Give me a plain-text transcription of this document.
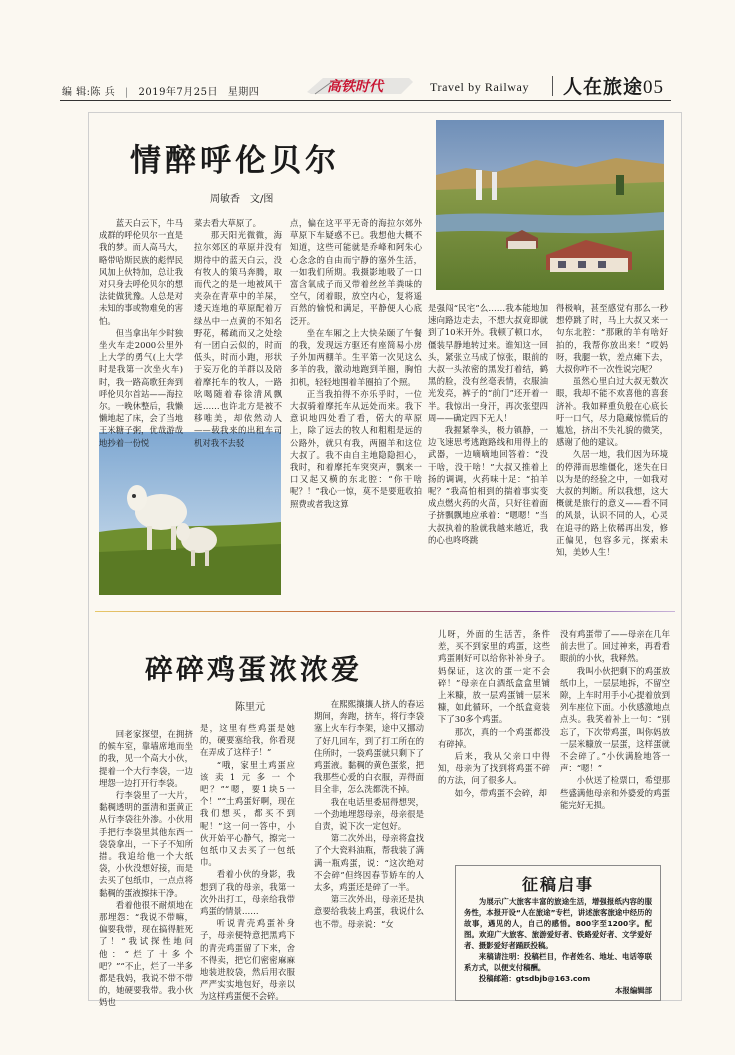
编 辑:陈 兵 | 2019年7月25日 星期四	高铁时代	Travel by Railway 人在旅途05
情醉呼伦贝尔
周敏香　文/图

蓝天白云下，牛马成群的呼伦贝尔一直是我的梦。而人高马大，略带哈斯民族的彪悍民风加上伙特加，总让我对只身去呼伦贝尔的想法徒做犹豫。人总是对未知的事或物难免的害怕。

但当拿出年少时独坐火车走2000公里外上大学的勇气(上大学时是我第一次坐火车)时，我一路高歌狂奔到呼伦贝尔首站——海拉尔。一晚休整后，我懒懒地起了床，会了当地王米糖子粥，优哉游哉地抄着一份悦

菜去看大草原了。

那天阳光微微，海拉尔郊区的草原并没有期待中的蓝天白云，没有牧人的策马奔腾，取而代之的是一地被风干夹杂在青草中的羊屎，逶天连地的草原配着万绿丛中一点黄的不知名野花，稀疏而又之处绘有一团白云似的，时而低头，时而小跑，形状于妄万化的羊群以及陪着摩托车的牧人，一路吆喝随着春徐清风飘远……也许北方是被不移唯美，却依然动人——载我来的出租车司机对我不去驳

点，偏在这平平无奇的海拉尔郊外草原下车疑惑不已。我想他大概不知道，这些可能就是乔峰和阿朱心心念念的自由而宁静的塞外生活，一如我们所期。我摄影地吸了一口富含氧成子而又带着丝丝羊粪味的空气，闭着眼，放空内心，复将遥百然的愉悦和满足，平静便人心底泛开。

坐在车厢之上大快朵颐了午餐的我，发现远方驱还有座简易小房子外加两棚羊。生平第一次见这么多羊的我，激动地跑到羊圈，胸怕扣机，轻轻地围着羊圈拍了个照。

正当我拍得不亦乐乎时，一位大叔骑着摩托车从远处而来。我下意识地四处看了看，偌大的草原上，除了远去的牧人和粗粗是远的公路外，就只有我，两圈羊和这位大叔了。我不由自主地隐隐担心，我时，和着摩托车突突声，飘来一口又起又横的东北腔：“你干啥呢？！”我心一惊，莫不是要逛收拍照费或者我这算

是强闯“民宅”么……我本能地加速向路边走去，不想大叔竟即就到了10米开外。我顿了顿口水，僵装早静地转过来。谁知这一回头，紧张立马成了惊张，眼前的大叔一头浓密的黑发打着结，鹤黑的脸，没有丝毫表情，衣服油光发亮，裤子的“前门”还开着一半。我惊出一身汗，再次张望四周——确定四下无人！

我握紧拳头，极力镇静，一边飞速思考逃跑路线和用得上的武器，一边嘀嘀地回答着：“没干啥，没干啥！”大叔又推着上扬的调调，火药味十足：“拍羊呢？”我高怕相到的揣着事实变成点燃火药的火苗，只好往着面子挤飘飘地应承着：“嗯嗯！”当大叔执着的脸就我越来越近，我的心也咚咚跳

得极响，甚至感觉有那么一秒想停跳了时，马上大叔又来一句东北腔：“那瞅的羊有啥好拍的，我帮你放出来！”哎妈呀，我腿一软，差点瘫下去，大叔你咋不一次性说完呢？

虽然心里白过大叔无数次眼，我却不能不欢喜他的喜套济补。我如释重负般在心底长吁一口气，尽力隐藏惊慌后的尴尬，挤出不失礼貌的微笑，感谢了他的建议。

久居一地，我们因为环境的停滞而思维僵化，迷失在日以为是的经验之中，一如我对大叔的判断。所以我想，这大概就是旅行的意义——看不同的风景，认识不同的人，心灵在追寻的路上依稀再出发，修正偏见，包容多元，探索未知，美妙人生！

碎碎鸡蛋浓浓爱
陈里元

回老家探望，在拥挤的候车室，靠墙席地而坐的我，见一个高大小伙，提着一个大行李袋，一边埋怨一边打开行李袋。

行李袋里了一大片，黏稠透明的蛋清和蛋黄正从行李袋往外渗。小伙用手把行李袋里其他东西一袋袋拿出，一下子不知所措。我追给他一个大纸袋，小伙没想好接，而是去买了包纸巾，一点点将黏稠的蛋液擦抹干净。

看着他很不耐烦地在那埋怨：“我说不带嘛，偏要我带，现在搞得脏死了！”我试探性地问他：“烂了十多个吧？”“不止，烂了一半多都是我妈，我说不带不带的，她硬要我带。我小伙妈也

是，这里有些鸡蛋是她的，硬要塞给我，你看现在弄成了这样子！”

“哦，家里土鸡蛋应该卖1元多一个吧？”“嗯，要1块5一个！”“土鸡蛋好啊，现在我们想买，都买不到呢！”这一问一答中，小伙开始平心静气，擦完一包纸巾又去买了一包纸巾。

看着小伙的身影，我想到了我的母亲，我第一次外出打工，母亲给我带鸡蛋的情景……

听说青壳鸡蛋补身子，母亲便特意把黑鸡下的青壳鸡蛋留了下来，舍不得卖，把它们密密麻麻地装进胶袋，然后用衣服严严实实地包好，母亲以为这样鸡蛋便不会碎。

在熙熙攘攘人挤人的春运期间，奔跑，挤车，将行李袋塞上火车行李架，途中又挪动了好几回车，到了打工所在的住所时，一袋鸡蛋就只剩下了鸡蛋液。黏稠的黄色蛋浆，把我那些心爱的白衣服，弄得面目全非，怎么洗都洗不掉。

我在电话里委屈得想哭，一个劲地埋怨母亲，母亲很是自责，说下次一定包好。

第二次外出，母亲将盒找了个大瓷料油瓶，帮我装了满满一瓶鸡蛋，说：“这次绝对不会碎”但终因春节娇车的人太多，鸡蛋还是碎了一半。

第三次外出，母亲还是执意要给我装上鸡蛋，我说什么也不带。母亲说：“女

儿呀，外面的生活苦，条件差，买不到家里的鸡蛋，这些鸡蛋刚好可以给你补补身子。妈保证，这次的蛋一定不会碎！”母亲在白酒纸盒盒里铺上米糠，放一层鸡蛋铺一层米糠，如此循环，一个纸盒竟装下了30多个鸡蛋。

那次，真的一个鸡蛋都没有碎掉。

后来，我从父亲口中得知，母亲为了找到将鸡蛋不碎的方法，问了很多人。

如今，带鸡蛋不会碎，却

没有鸡蛋带了——母亲在几年前去世了。回过神来，再看看眼前的小伙，我释然。

我叫小伙把剩下的鸡蛋放纸巾上，一层层地拆，不留空隙，上车时用手小心提着放到列车座位下面。小伙感激地点点头。我笑着补上一句：“别忘了，下次带鸡蛋，叫你妈放一层米糠放一层蛋，这样蛋就不会碎了。”小伙满脸地答一声：“嗯！”

小伙送了检票口，希望那些盛满他母亲和外婆爱的鸡蛋能完好无损。

征稿启事

为展示广大旅客丰富的旅途生活，增强报纸内容的服务性，本报开设“人在旅途”专栏，讲述旅客旅途中经历的故事，遇见的人，自己的感悟。800字至1200字。配图。欢迎广大旅客、旅游爱好者、铁路爱好者、文学爱好者、摄影爱好者踊跃投稿。

来稿请注明：投稿栏目，作者姓名、地址、电话等联系方式，以便支付稿酬。

投稿邮箱：gtsdbjb@163.com

本报编辑部
